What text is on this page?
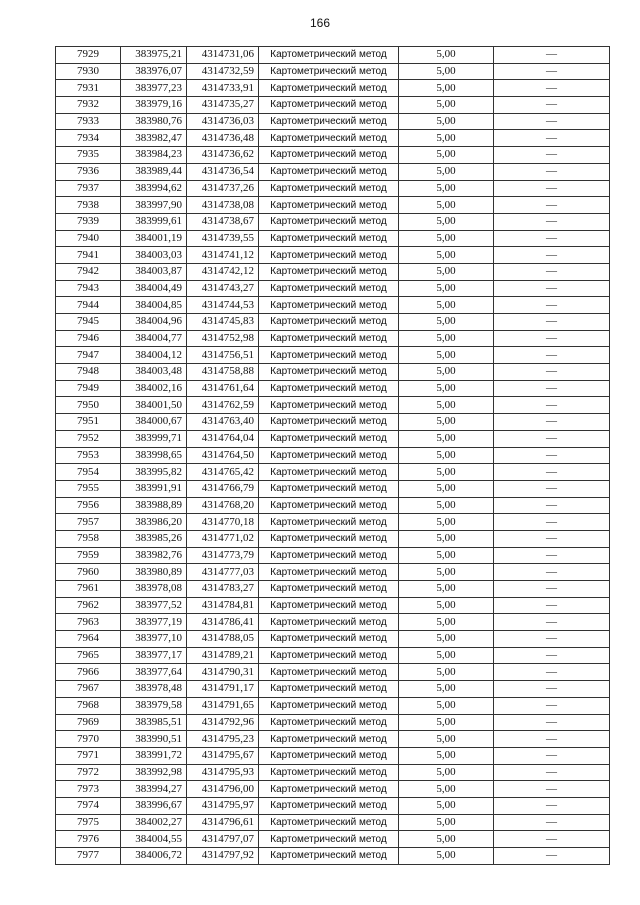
166
7929	383975,21	4314731,06	Картометрический метод	5,00	—
7930	383976,07	4314732,59	Картометрический метод	5,00	—
7931	383977,23	4314733,91	Картометрический метод	5,00	—
7932	383979,16	4314735,27	Картометрический метод	5,00	—
7933	383980,76	4314736,03	Картометрический метод	5,00	—
7934	383982,47	4314736,48	Картометрический метод	5,00	—
7935	383984,23	4314736,62	Картометрический метод	5,00	—
7936	383989,44	4314736,54	Картометрический метод	5,00	—
7937	383994,62	4314737,26	Картометрический метод	5,00	—
7938	383997,90	4314738,08	Картометрический метод	5,00	—
7939	383999,61	4314738,67	Картометрический метод	5,00	—
7940	384001,19	4314739,55	Картометрический метод	5,00	—
7941	384003,03	4314741,12	Картометрический метод	5,00	—
7942	384003,87	4314742,12	Картометрический метод	5,00	—
7943	384004,49	4314743,27	Картометрический метод	5,00	—
7944	384004,85	4314744,53	Картометрический метод	5,00	—
7945	384004,96	4314745,83	Картометрический метод	5,00	—
7946	384004,77	4314752,98	Картометрический метод	5,00	—
7947	384004,12	4314756,51	Картометрический метод	5,00	—
7948	384003,48	4314758,88	Картометрический метод	5,00	—
7949	384002,16	4314761,64	Картометрический метод	5,00	—
7950	384001,50	4314762,59	Картометрический метод	5,00	—
7951	384000,67	4314763,40	Картометрический метод	5,00	—
7952	383999,71	4314764,04	Картометрический метод	5,00	—
7953	383998,65	4314764,50	Картометрический метод	5,00	—
7954	383995,82	4314765,42	Картометрический метод	5,00	—
7955	383991,91	4314766,79	Картометрический метод	5,00	—
7956	383988,89	4314768,20	Картометрический метод	5,00	—
7957	383986,20	4314770,18	Картометрический метод	5,00	—
7958	383985,26	4314771,02	Картометрический метод	5,00	—
7959	383982,76	4314773,79	Картометрический метод	5,00	—
7960	383980,89	4314777,03	Картометрический метод	5,00	—
7961	383978,08	4314783,27	Картометрический метод	5,00	—
7962	383977,52	4314784,81	Картометрический метод	5,00	—
7963	383977,19	4314786,41	Картометрический метод	5,00	—
7964	383977,10	4314788,05	Картометрический метод	5,00	—
7965	383977,17	4314789,21	Картометрический метод	5,00	—
7966	383977,64	4314790,31	Картометрический метод	5,00	—
7967	383978,48	4314791,17	Картометрический метод	5,00	—
7968	383979,58	4314791,65	Картометрический метод	5,00	—
7969	383985,51	4314792,96	Картометрический метод	5,00	—
7970	383990,51	4314795,23	Картометрический метод	5,00	—
7971	383991,72	4314795,67	Картометрический метод	5,00	—
7972	383992,98	4314795,93	Картометрический метод	5,00	—
7973	383994,27	4314796,00	Картометрический метод	5,00	—
7974	383996,67	4314795,97	Картометрический метод	5,00	—
7975	384002,27	4314796,61	Картометрический метод	5,00	—
7976	384004,55	4314797,07	Картометрический метод	5,00	—
7977	384006,72	4314797,92	Картометрический метод	5,00	—
